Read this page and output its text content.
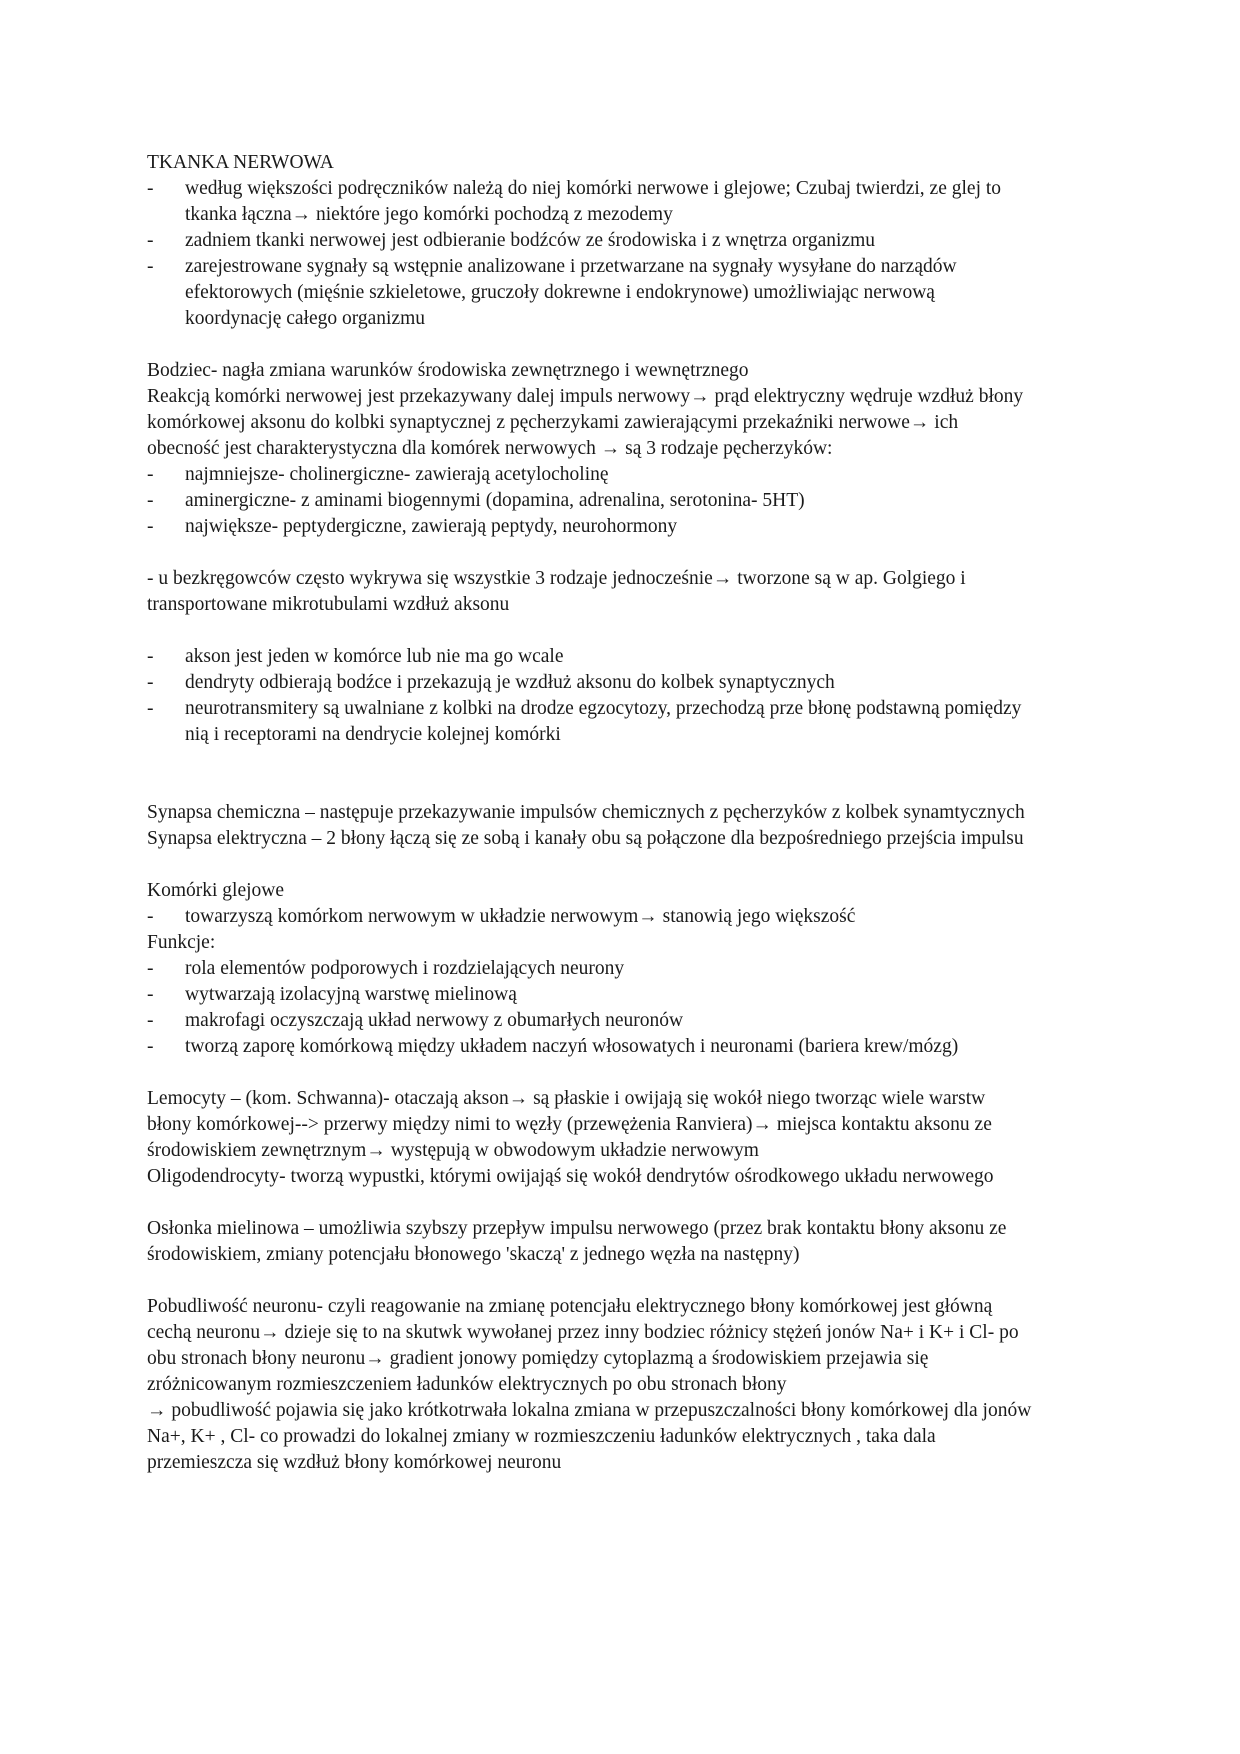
TKANKA NERWOWA
- według większości podręczników należą do niej komórki nerwowe i glejowe; Czubaj twierdzi, ze glej to
tkanka łączna→ niektóre jego komórki pochodzą z mezodemy
- zadniem tkanki nerwowej jest odbieranie bodźców ze środowiska i z wnętrza organizmu
- zarejestrowane sygnały są wstępnie analizowane i przetwarzane na sygnały wysyłane do narządów
efektorowych (mięśnie szkieletowe, gruczoły dokrewne i endokrynowe) umożliwiając nerwową
koordynację całego organizmu

Bodziec- nagła zmiana warunków środowiska zewnętrznego i wewnętrznego
Reakcją komórki nerwowej jest przekazywany dalej impuls nerwowy→ prąd elektryczny wędruje wzdłuż błony
komórkowej aksonu do kolbki synaptycznej z pęcherzykami zawierającymi przekaźniki nerwowe→ ich
obecność jest charakterystyczna dla komórek nerwowych → są 3 rodzaje pęcherzyków:

- najmniejsze- cholinergiczne- zawierają acetylocholinę
- aminergiczne- z aminami biogennymi (dopamina, adrenalina, serotonina- 5HT)
- największe- peptydergiczne, zawierają peptydy, neurohormony

- u bezkręgowców często wykrywa się wszystkie 3 rodzaje jednocześnie→ tworzone są w ap. Golgiego i
transportowane mikrotubulami wzdłuż aksonu

- akson jest jeden w komórce lub nie ma go wcale
- dendryty odbierają bodźce i przekazują je wzdłuż aksonu do kolbek synaptycznych
- neurotransmitery są uwalniane z kolbki na drodze egzocytozy, przechodzą prze błonę podstawną pomiędzy
nią i receptorami na dendrycie kolejnej komórki

Synapsa chemiczna – następuje przekazywanie impulsów chemicznych z pęcherzyków z kolbek synamtycznych
Synapsa elektryczna – 2 błony łączą się ze sobą i kanały obu są połączone dla bezpośredniego przejścia impulsu

Komórki glejowe

- towarzyszą komórkom nerwowym w układzie nerwowym→ stanowią jego większość

Funkcje:

- rola elementów podporowych i rozdzielających neurony
- wytwarzają izolacyjną warstwę mielinową
- makrofagi oczyszczają układ nerwowy z obumarłych neuronów
- tworzą zaporę komórkową między układem naczyń włosowatych i neuronami (bariera krew/mózg)

Lemocyty – (kom. Schwanna)- otaczają akson→ są płaskie i owijają się wokół niego tworząc wiele warstw
błony komórkowej--> przerwy między nimi to węzły (przewężenia Ranviera)→ miejsca kontaktu aksonu ze
środowiskiem zewnętrznym→ występują w obwodowym układzie nerwowym
Oligodendrocyty- tworzą wypustki, którymi owijająś się wokół dendrytów ośrodkowego układu nerwowego

Osłonka mielinowa – umożliwia szybszy przepływ impulsu nerwowego (przez brak kontaktu błony aksonu ze
środowiskiem, zmiany potencjału błonowego 'skaczą' z jednego węzła na następny)

Pobudliwość neuronu- czyli reagowanie na zmianę potencjału elektrycznego błony komórkowej jest główną
cechą neuronu→ dzieje się to na skutwk wywołanej przez inny bodziec różnicy stężeń jonów Na+ i K+ i Cl- po
obu stronach błony neuronu→ gradient jonowy pomiędzy cytoplazmą a środowiskiem przejawia się
zróżnicowanym rozmieszczeniem ładunków elektrycznych po obu stronach błony
→ pobudliwość pojawia się jako krótkotrwała lokalna zmiana w przepuszczalności błony komórkowej dla jonów
Na+, K+ , Cl- co prowadzi do lokalnej zmiany w rozmieszczeniu ładunków elektrycznych , taka dala
przemieszcza się wzdłuż błony komórkowej neuronu
